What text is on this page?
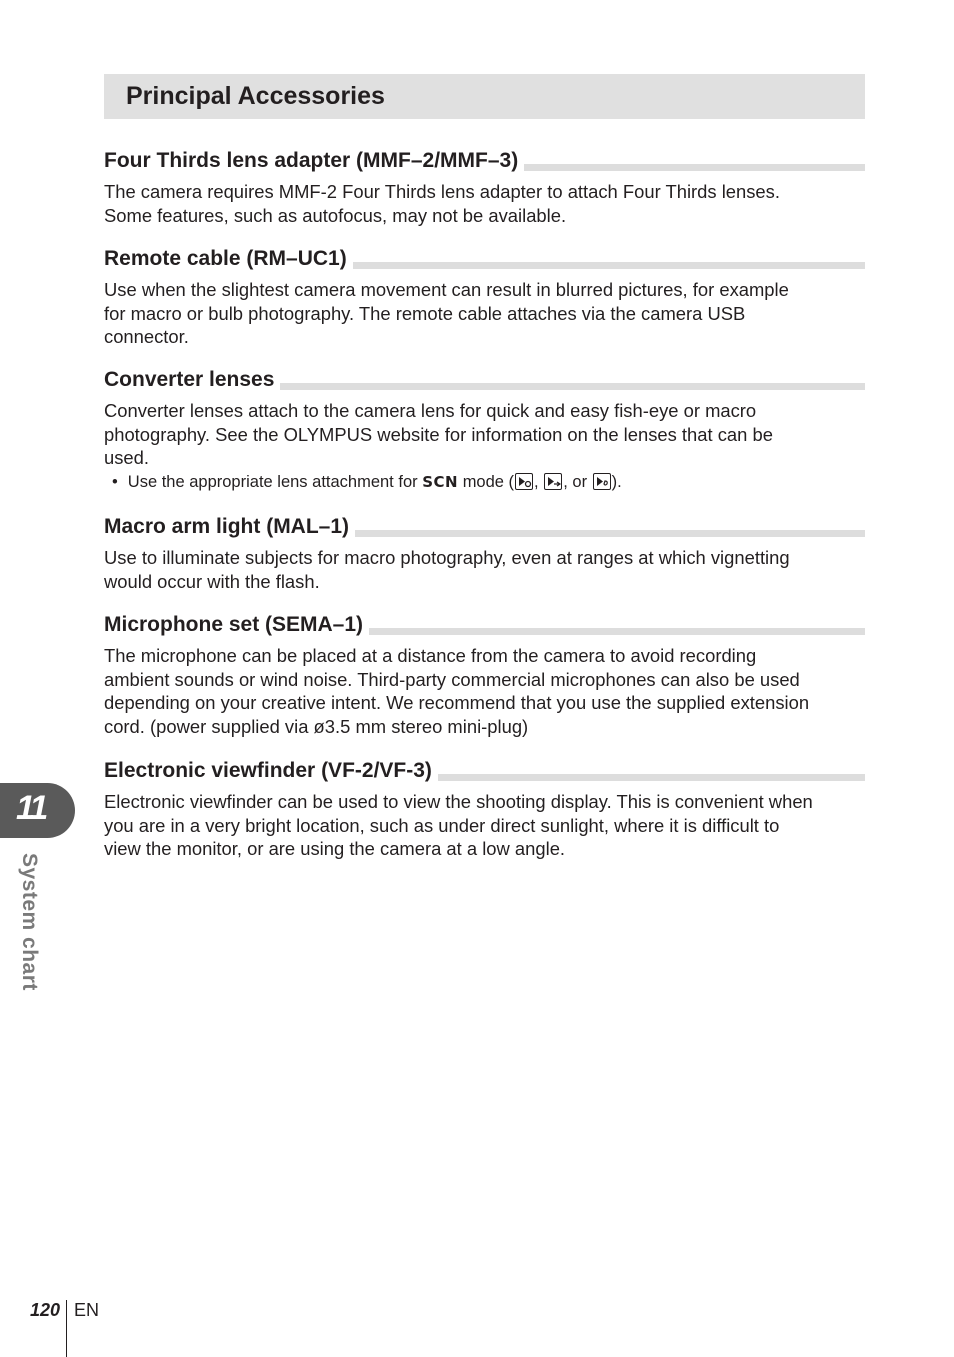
Principal Accessories
Four Thirds lens adapter (MMF–2/MMF–3)

The camera requires MMF-2 Four Thirds lens adapter to attach Four Thirds lenses.
Some features, such as autofocus, may not be available.

Remote cable (RM–UC1)

Use when the slightest camera movement can result in blurred pictures, for example
for macro or bulb photography. The remote cable attaches via the camera USB
connector.

Converter lenses

Converter lenses attach to the camera lens for quick and easy fish-eye or macro
photography. See the OLYMPUS website for information on the lenses that can be
used.

• Use the appropriate lens attachment for SCN mode ( ,
, or
).

Macro arm light (MAL–1)

Use to illuminate subjects for macro photography, even at ranges at which vignetting
would occur with the flash.

Microphone set (SEMA–1)

The microphone can be placed at a distance from the camera to avoid recording
ambient sounds or wind noise. Third-party commercial microphones can also be used
depending on your creative intent. We recommend that you use the supplied extension
cord. (power supplied via ø3.5 mm stereo mini-plug)

Electronic viewfinder (VF-2/VF-3)

Electronic viewfinder can be used to view the shooting display. This is convenient when
you are in a very bright location, such as under direct sunlight, where it is difficult to
view the monitor, or are using the camera at a low angle.

11
System chart
120 EN
